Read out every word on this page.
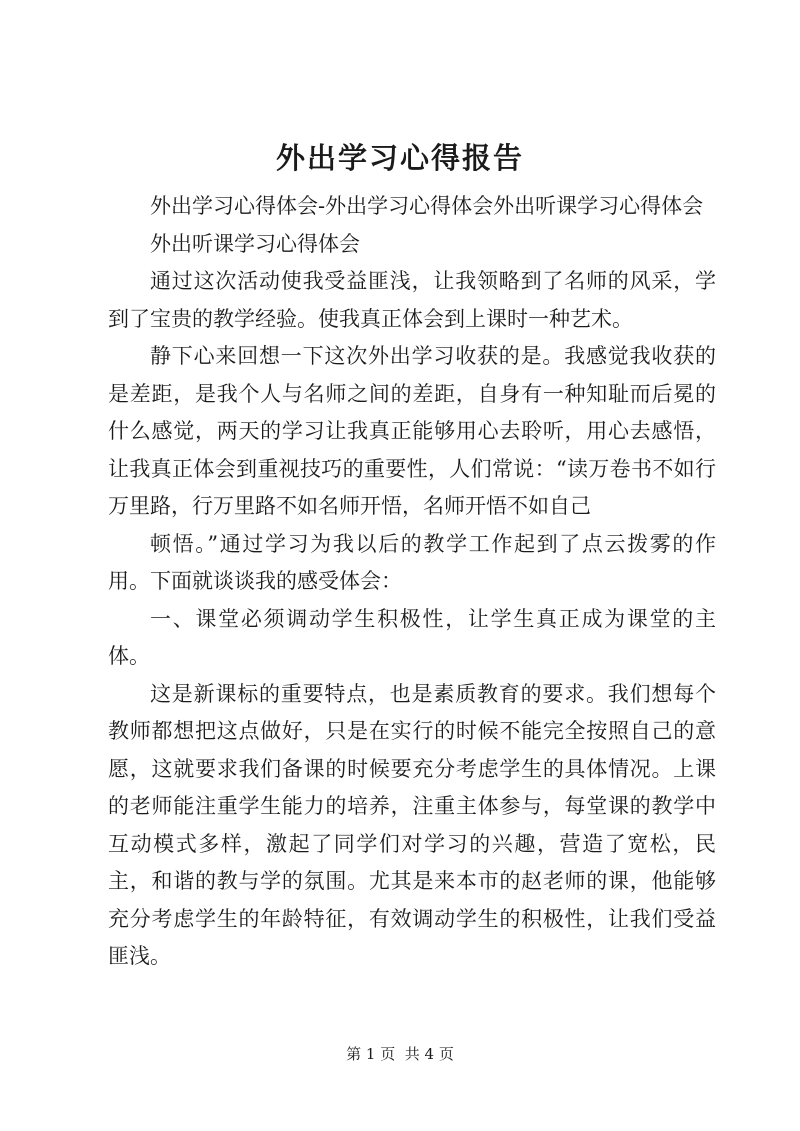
外出学习心得报告

外出学习心得体会-外出学习心得体会外出听课学习心得体会

外出听课学习心得体会

通过这次活动使我受益匪浅，让我领略到了名师的风采，学到了宝贵的教学经验。使我真正体会到上课时一种艺术。

静下心来回想一下这次外出学习收获的是。我感觉我收获的是差距，是我个人与名师之间的差距，自身有一种知耻而后冕的什么感觉，两天的学习让我真正能够用心去聆听，用心去感悟，让我真正体会到重视技巧的重要性，人们常说：“读万卷书不如行万里路，行万里路不如名师开悟，名师开悟不如自己

顿悟。”通过学习为我以后的教学工作起到了点云拨雾的作用。下面就谈谈我的感受体会：

一、课堂必须调动学生积极性，让学生真正成为课堂的主体。

这是新课标的重要特点，也是素质教育的要求。我们想每个教师都想把这点做好，只是在实行的时候不能完全按照自己的意愿，这就要求我们备课的时候要充分考虑学生的具体情况。上课的老师能注重学生能力的培养，注重主体参与，每堂课的教学中互动模式多样，激起了同学们对学习的兴趣，营造了宽松，民主，和谐的教与学的氛围。尤其是来本市的赵老师的课，他能够充分考虑学生的年龄特征，有效调动学生的积极性，让我们受益匪浅。

第 1 页  共 4 页
